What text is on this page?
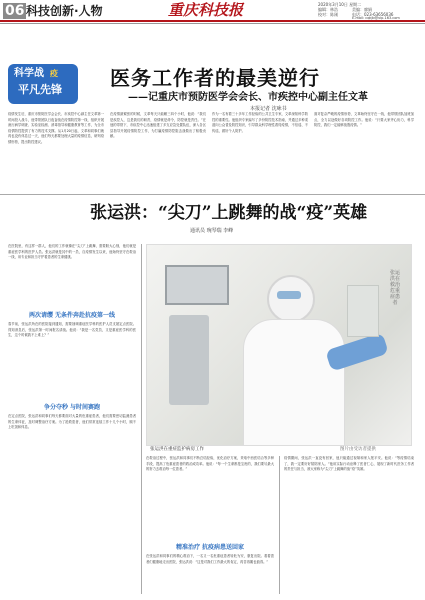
06 科技创新·人物	重庆科技报	2020年3月10日 星期二
编辑：林浩	美编：廖娟
校对：陈刚	电话：023-63656036
E-mail: cqkjb@vip.163.com
科学战 疫
平凡先锋 医务工作者的最美逆行
——记重庆市预防医学会会长、市疾控中心副主任文革
本报记者 沈咏书
疫情发生后，重庆市预防医学会会长、市疾控中心副主任文革第一时间投入战斗，他带领团队日夜奋战在疫情防控第一线，组织开展流行病学调查、实验室检测、消毒指导和健康教育等工作，为全市疫情防控提供了有力的技术支撑。从1月20日起，文革和同事们就再也没有休息过一天，他们每天都要处理大量的疫情信息，研判疫情形势，提出防控建议。
在疫情最紧张的时候，文革每天只能睡三四个小时，他说：“我们是疾控人，这是我们的职责，疫情就是命令，防控就是责任。”在他的带领下，市疾控中心迅速组建了多支应急处置队伍，深入各区县指导开展疫情防控工作，为打赢疫情防控阻击战做出了积极贡献。
作为一名有着三十多年工作经验的公共卫生专家，文革深知科学防控的重要性。他组织专家编写了多份防控技术指南，并通过多种渠道向公众普及防控知识，引导群众科学理性看待疫情，不信谣、不传谣，做好个人防护。
面对复杂严峻的疫情形势，文革始终坚守在一线，他带领团队加班加点，全力以赴做好各项防控工作。他说：“只要大家齐心协力，科学防控，我们一定能够战胜疫情。”
张运洪：“尖刀”上跳舞的战“疫”英雄
通讯员 琬琴瑞 李峰
在医院里，有这样一群人，他们的工作就像在“尖刀”上跳舞，需要胆大心细，他们就是重症医学科的医护人员。张运洪就是其中的一员，自疫情发生以来，他始终坚守在救治一线，用专业和担当守护着患者的生命健康。
两次请缨 无条件奔赴抗疫第一线
春节前，张运洪所在的医院接到通知，需要抽调重症医学科的医护人员支援定点医院。得知消息后，张运洪第一时间报名请战。他说：“我是一名党员，又是重症医学科的医生，这个时候我不上谁上？”
争分夺秒 与时间赛跑
在定点医院，张运洪和同事们每天都要面对大量的危重症患者，他们需要密切监测患者的生命体征，及时调整治疗方案。为了抢救患者，他们常常连续工作十几个小时，顾不上吃饭和休息。
张运洪在救治危重症患者
张运洪在重症监护病房工作	图片由受访者提供
在救治过程中，张运洪和同事们不断总结经验，优化治疗方案，采取中西医结合等多种手段，提高了危重症患者的救治成功率。他说：“每一个生命都是宝贵的，我们要尽最大的努力去救治每一位患者。”
精准治疗 抗疫病患送回家
在张运洪和同事们的精心救治下，一名又一名危重症患者转危为安，康复出院。看着患者们健康地走出医院，张运洪说：“这是对我们工作最大的肯定，再苦再累也值得。”
疫情期间，张运洪一直没有回家，他只能通过视频和家人报平安。他说：“等疫情结束了，我一定要好好陪陪家人。”他用实际行动诠释了医者仁心，展现了新时代医务工作者的责任与担当，被大家称为“尖刀”上跳舞的战“疫”英雄。
